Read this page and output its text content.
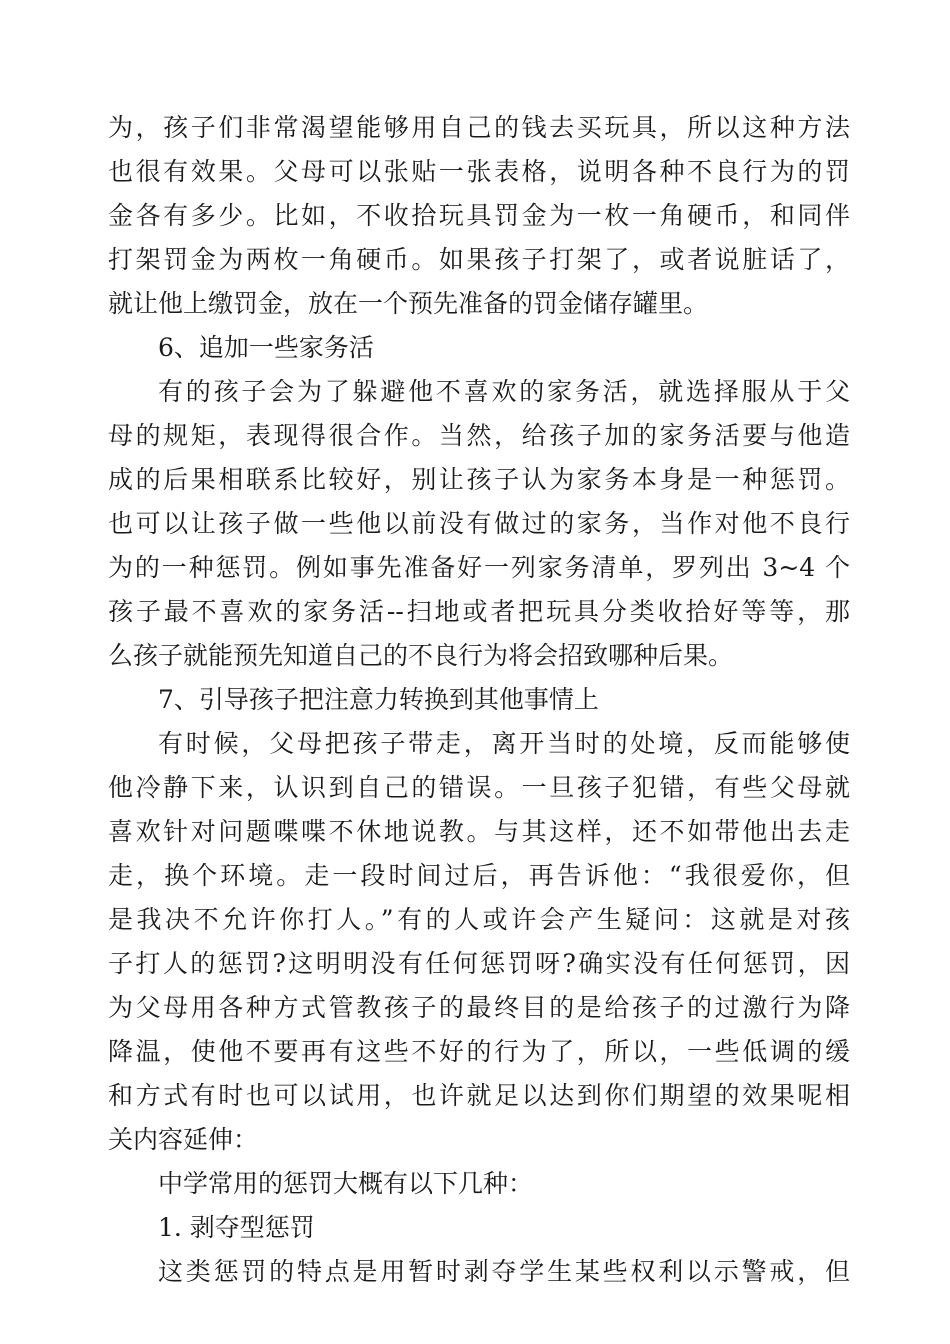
为，孩子们非常渴望能够用自己的钱去买玩具，所以这种方法
也很有效果。父母可以张贴一张表格，说明各种不良行为的罚
金各有多少。比如，不收拾玩具罚金为一枚一角硬币，和同伴
打架罚金为两枚一角硬币。如果孩子打架了，或者说脏话了，
就让他上缴罚金，放在一个预先准备的罚金储存罐里。
6、追加一些家务活
有的孩子会为了躲避他不喜欢的家务活，就选择服从于父
母的规矩，表现得很合作。当然，给孩子加的家务活要与他造
成的后果相联系比较好，别让孩子认为家务本身是一种惩罚。
也可以让孩子做一些他以前没有做过的家务，当作对他不良行
为的一种惩罚。例如事先准备好一列家务清单，罗列出 3~4 个
孩子最不喜欢的家务活--扫地或者把玩具分类收拾好等等，那
么孩子就能预先知道自己的不良行为将会招致哪种后果。
7、引导孩子把注意力转换到其他事情上
有时候，父母把孩子带走，离开当时的处境，反而能够使
他冷静下来，认识到自己的错误。一旦孩子犯错，有些父母就
喜欢针对问题喋喋不休地说教。与其这样，还不如带他出去走
走，换个环境。走一段时间过后，再告诉他：“我很爱你，但
是我决不允许你打人。”有的人或许会产生疑问：这就是对孩
子打人的惩罚?这明明没有任何惩罚呀?确实没有任何惩罚，因
为父母用各种方式管教孩子的最终目的是给孩子的过激行为降
降温，使他不要再有这些不好的行为了，所以，一些低调的缓
和方式有时也可以试用，也许就足以达到你们期望的效果呢相
关内容延伸：
中学常用的惩罚大概有以下几种：
1. 剥夺型惩罚
这类惩罚的特点是用暂时剥夺学生某些权利以示警戒，但
